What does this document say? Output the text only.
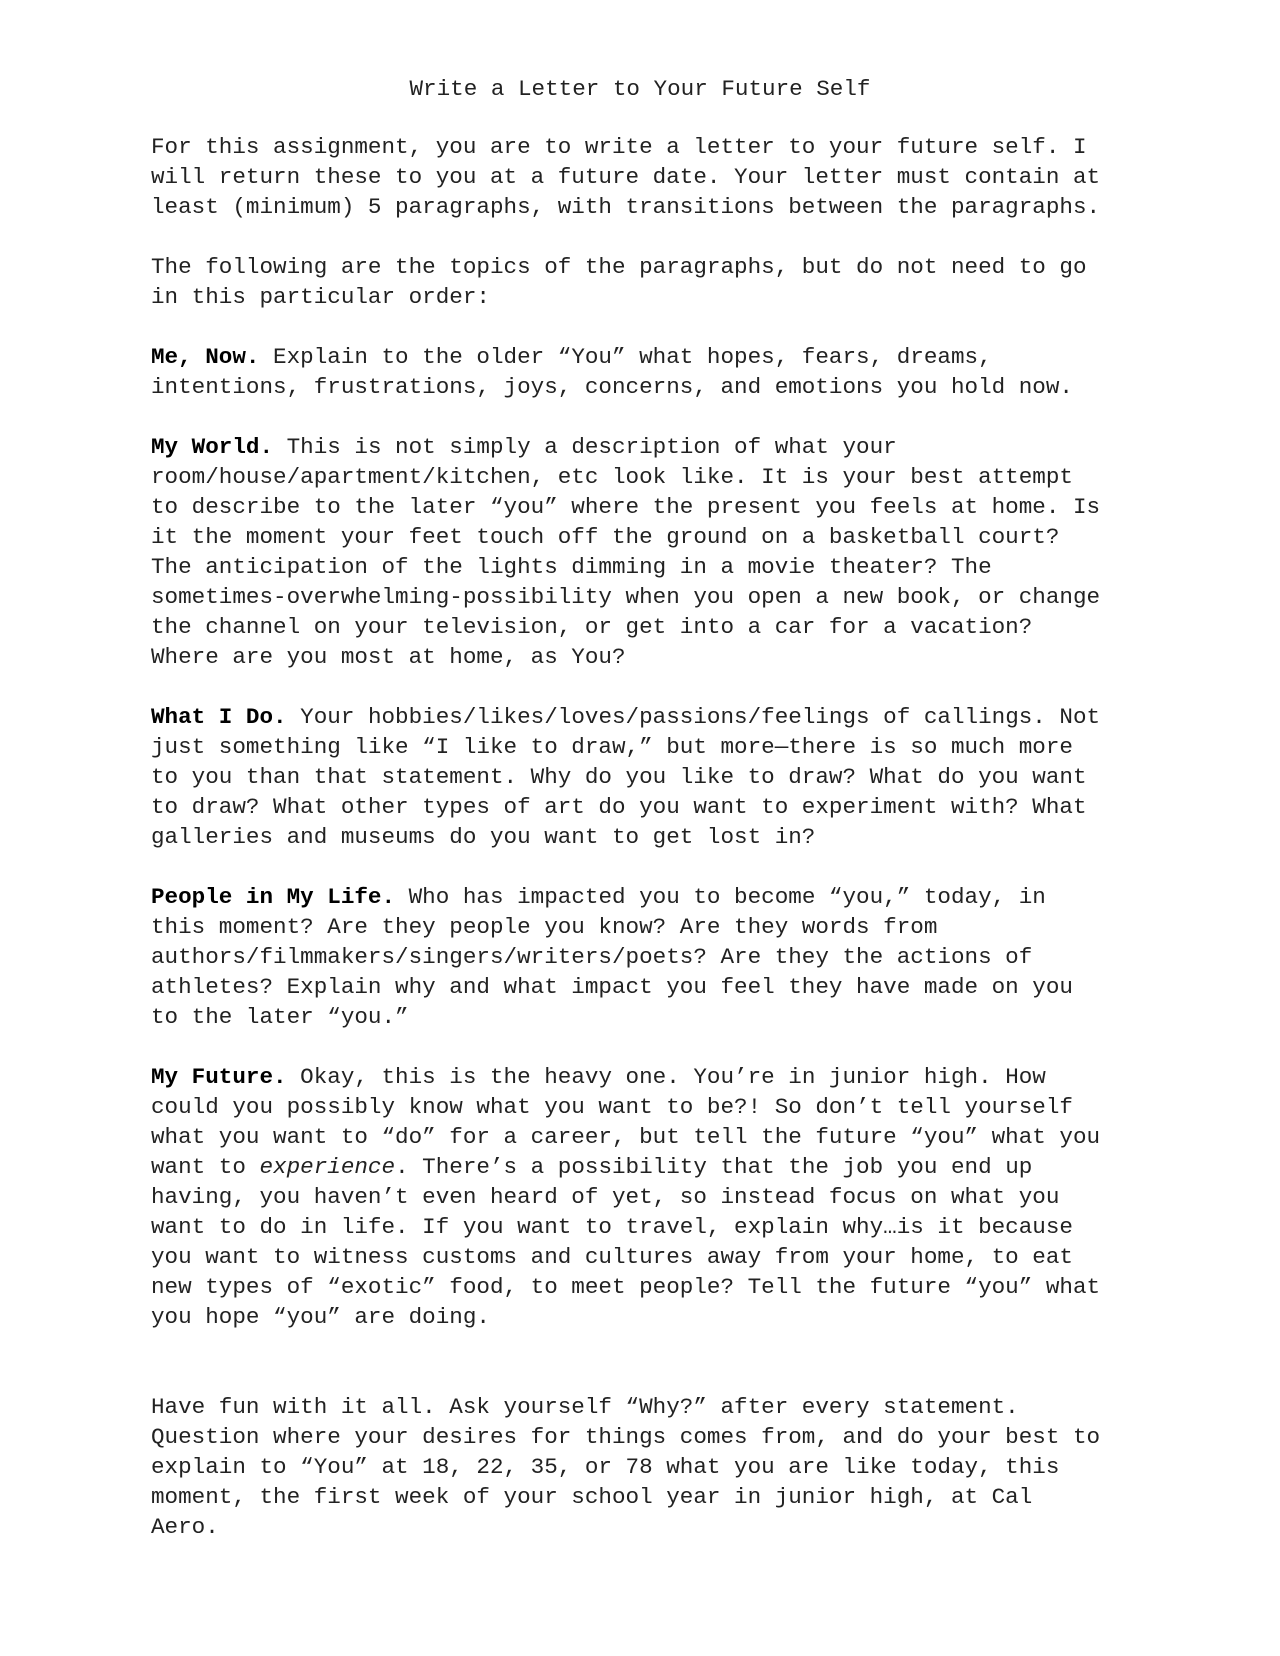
Write a Letter to Your Future Self

For this assignment, you are to write a letter to your future self. I
will return these to you at a future date. Your letter must contain at
least (minimum) 5 paragraphs, with transitions between the paragraphs.

The following are the topics of the paragraphs, but do not need to go
in this particular order:

Me, Now. Explain to the older “You” what hopes, fears, dreams,
intentions, frustrations, joys, concerns, and emotions you hold now.

My World. This is not simply a description of what your
room/house/apartment/kitchen, etc look like. It is your best attempt
to describe to the later “you” where the present you feels at home. Is
it the moment your feet touch off the ground on a basketball court?
The anticipation of the lights dimming in a movie theater? The
sometimes-overwhelming-possibility when you open a new book, or change
the channel on your television, or get into a car for a vacation?
Where are you most at home, as You?

What I Do. Your hobbies/likes/loves/passions/feelings of callings. Not
just something like “I like to draw,” but more—there is so much more
to you than that statement. Why do you like to draw? What do you want
to draw? What other types of art do you want to experiment with? What
galleries and museums do you want to get lost in?

People in My Life. Who has impacted you to become “you,” today, in
this moment? Are they people you know? Are they words from
authors/filmmakers/singers/writers/poets? Are they the actions of
athletes? Explain why and what impact you feel they have made on you
to the later “you.”

My Future. Okay, this is the heavy one. You’re in junior high. How
could you possibly know what you want to be?! So don’t tell yourself
what you want to “do” for a career, but tell the future “you” what you
want to experience. There’s a possibility that the job you end up
having, you haven’t even heard of yet, so instead focus on what you
want to do in life. If you want to travel, explain why…is it because
you want to witness customs and cultures away from your home, to eat
new types of “exotic” food, to meet people? Tell the future “you” what
you hope “you” are doing.

Have fun with it all. Ask yourself “Why?” after every statement.
Question where your desires for things comes from, and do your best to
explain to “You” at 18, 22, 35, or 78 what you are like today, this
moment, the first week of your school year in junior high, at Cal
Aero.
